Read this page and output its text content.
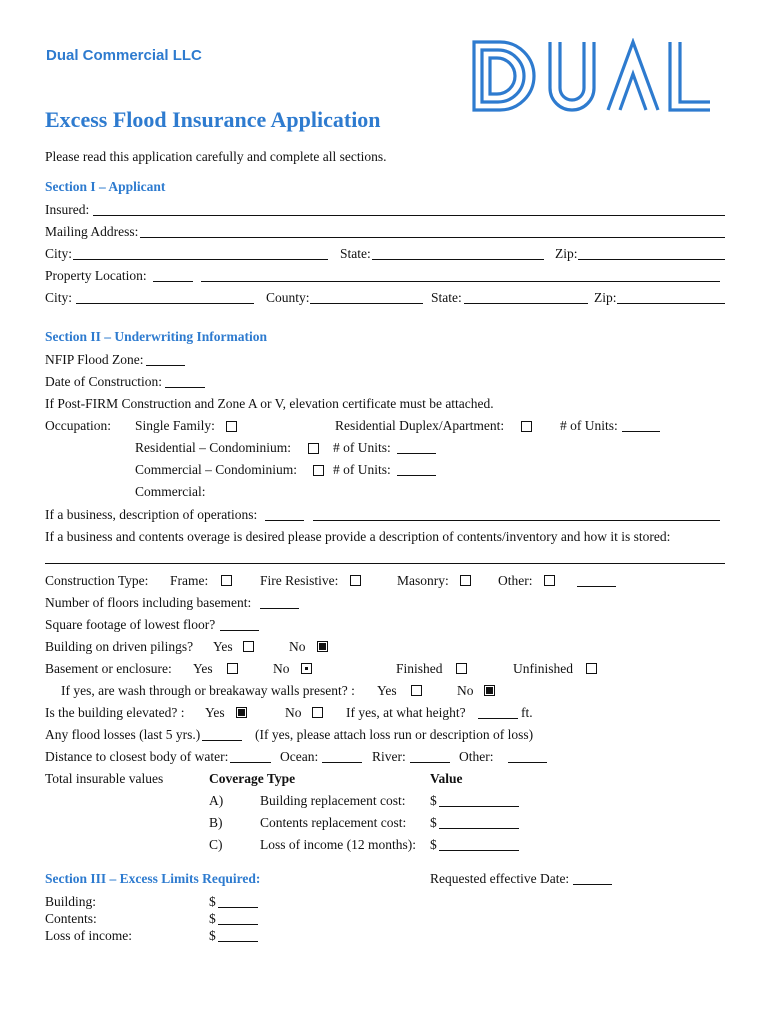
Dual Commercial LLC
Excess Flood Insurance Application
Please read this application carefully and complete all sections.
Section I – Applicant
Insured:
Mailing Address:
City:	State:	Zip:
Property Location:
City:	County:	State:	Zip:
Section II – Underwriting Information
NFIP Flood Zone:
Date of Construction:
If Post-FIRM Construction and Zone A or V, elevation certificate must be attached.
Occupation: Single Family:	Residential Duplex/Apartment:	# of Units:
Residential – Condominium:	# of Units:
Commercial – Condominium:	# of Units:
Commercial:
If a business, description of operations:
If a business and contents overage is desired please provide a description of contents/inventory and how it is stored:
Construction Type: Frame:	Fire Resistive:	Masonry:	Other:
Number of floors including basement:
Square footage of lowest floor?
Building on driven pilings? Yes	No
Basement or enclosure: Yes	No	Finished	Unfinished
If yes, are wash through or breakaway walls present? : Yes	No
Is the building elevated? : Yes	No	If yes, at what height?	ft.
Any flood losses (last 5 yrs.)	(If yes, please attach loss run or description of loss)
Distance to closest body of water:	Ocean:	River:	Other:
Total insurable values	Coverage Type	Value
A)	Building replacement cost: $
B)	Contents replacement cost: $
C)	Loss of income (12 months): $
Section III – Excess Limits Required:	Requested effective Date:
Building:	$
Contents:	$
Loss of income:	$
